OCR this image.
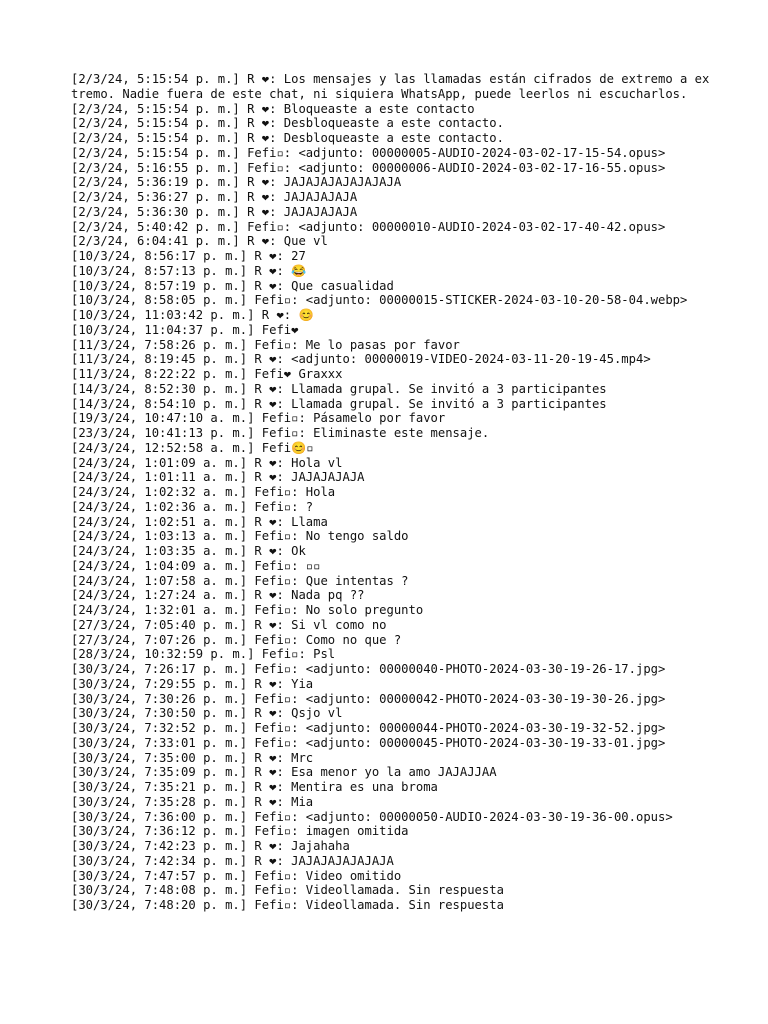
[2/3/24, 5:15:54 p. m.] R ❤: Los mensajes y las llamadas están cifrados de extremo a extremo. Nadie fuera de este chat, ni siquiera WhatsApp, puede leerlos ni escucharlos.
[2/3/24, 5:15:54 p. m.] R ❤: Bloqueaste a este contacto
[2/3/24, 5:15:54 p. m.] R ❤: Desbloqueaste a este contacto.
[2/3/24, 5:15:54 p. m.] R ❤: Desbloqueaste a este contacto.
[2/3/24, 5:15:54 p. m.] Fefi▫: <adjunto: 00000005-AUDIO-2024-03-02-17-15-54.opus>
[2/3/24, 5:16:55 p. m.] Fefi▫: <adjunto: 00000006-AUDIO-2024-03-02-17-16-55.opus>
[2/3/24, 5:36:19 p. m.] R ❤: JAJAJAJAJAJAJAJA
[2/3/24, 5:36:27 p. m.] R ❤: JAJAJAJAJA
[2/3/24, 5:36:30 p. m.] R ❤: JAJAJAJAJA
[2/3/24, 5:40:42 p. m.] Fefi▫: <adjunto: 00000010-AUDIO-2024-03-02-17-40-42.opus>
[2/3/24, 6:04:41 p. m.] R ❤: Que vl
[10/3/24, 8:56:17 p. m.] R ❤: 27
[10/3/24, 8:57:13 p. m.] R ❤: 😂
[10/3/24, 8:57:19 p. m.] R ❤: Que casualidad
[10/3/24, 8:58:05 p. m.] Fefi▫: <adjunto: 00000015-STICKER-2024-03-10-20-58-04.webp>
[10/3/24, 11:03:42 p. m.] R ❤: 😊
[10/3/24, 11:04:37 p. m.] Fefi❤
[11/3/24, 7:58:26 p. m.] Fefi▫: Me lo pasas por favor
[11/3/24, 8:19:45 p. m.] R ❤: <adjunto: 00000019-VIDEO-2024-03-11-20-19-45.mp4>
[11/3/24, 8:22:22 p. m.] Fefi❤ Graxxx
[14/3/24, 8:52:30 p. m.] R ❤: Llamada grupal. Se invitó a 3 participantes
[14/3/24, 8:54:10 p. m.] R ❤: Llamada grupal. Se invitó a 3 participantes
[19/3/24, 10:47:10 a. m.] Fefi▫: Pásamelo por favor
[23/3/24, 10:41:13 p. m.] Fefi▫: Eliminaste este mensaje.
[24/3/24, 12:52:58 a. m.] Fefi😊▫
[24/3/24, 1:01:09 a. m.] R ❤: Hola vl
[24/3/24, 1:01:11 a. m.] R ❤: JAJAJAJAJA
[24/3/24, 1:02:32 a. m.] Fefi▫: Hola
[24/3/24, 1:02:36 a. m.] Fefi▫: ?
[24/3/24, 1:02:51 a. m.] R ❤: Llama
[24/3/24, 1:03:13 a. m.] Fefi▫: No tengo saldo
[24/3/24, 1:03:35 a. m.] R ❤: Ok
[24/3/24, 1:04:09 a. m.] Fefi▫: ▫▫
[24/3/24, 1:07:58 a. m.] Fefi▫: Que intentas ?
[24/3/24, 1:27:24 a. m.] R ❤: Nada pq ??
[24/3/24, 1:32:01 a. m.] Fefi▫: No solo pregunto
[27/3/24, 7:05:40 p. m.] R ❤: Si vl como no
[27/3/24, 7:07:26 p. m.] Fefi▫: Como no que ?
[28/3/24, 10:32:59 p. m.] Fefi▫: Psl
[30/3/24, 7:26:17 p. m.] Fefi▫: <adjunto: 00000040-PHOTO-2024-03-30-19-26-17.jpg>
[30/3/24, 7:29:55 p. m.] R ❤: Yia
[30/3/24, 7:30:26 p. m.] Fefi▫: <adjunto: 00000042-PHOTO-2024-03-30-19-30-26.jpg>
[30/3/24, 7:30:50 p. m.] R ❤: Qsjo vl
[30/3/24, 7:32:52 p. m.] Fefi▫: <adjunto: 00000044-PHOTO-2024-03-30-19-32-52.jpg>
[30/3/24, 7:33:01 p. m.] Fefi▫: <adjunto: 00000045-PHOTO-2024-03-30-19-33-01.jpg>
[30/3/24, 7:35:00 p. m.] R ❤: Mrc
[30/3/24, 7:35:09 p. m.] R ❤: Esa menor yo la amo JAJAJJAA
[30/3/24, 7:35:21 p. m.] R ❤: Mentira es una broma
[30/3/24, 7:35:28 p. m.] R ❤: Mia
[30/3/24, 7:36:00 p. m.] Fefi▫: <adjunto: 00000050-AUDIO-2024-03-30-19-36-00.opus>
[30/3/24, 7:36:12 p. m.] Fefi▫: imagen omitida
[30/3/24, 7:42:23 p. m.] R ❤: Jajahaha
[30/3/24, 7:42:34 p. m.] R ❤: JAJAJAJAJAJAJA
[30/3/24, 7:47:57 p. m.] Fefi▫: Video omitido
[30/3/24, 7:48:08 p. m.] Fefi▫: Videollamada. Sin respuesta
[30/3/24, 7:48:20 p. m.] Fefi▫: Videollamada. Sin respuesta
